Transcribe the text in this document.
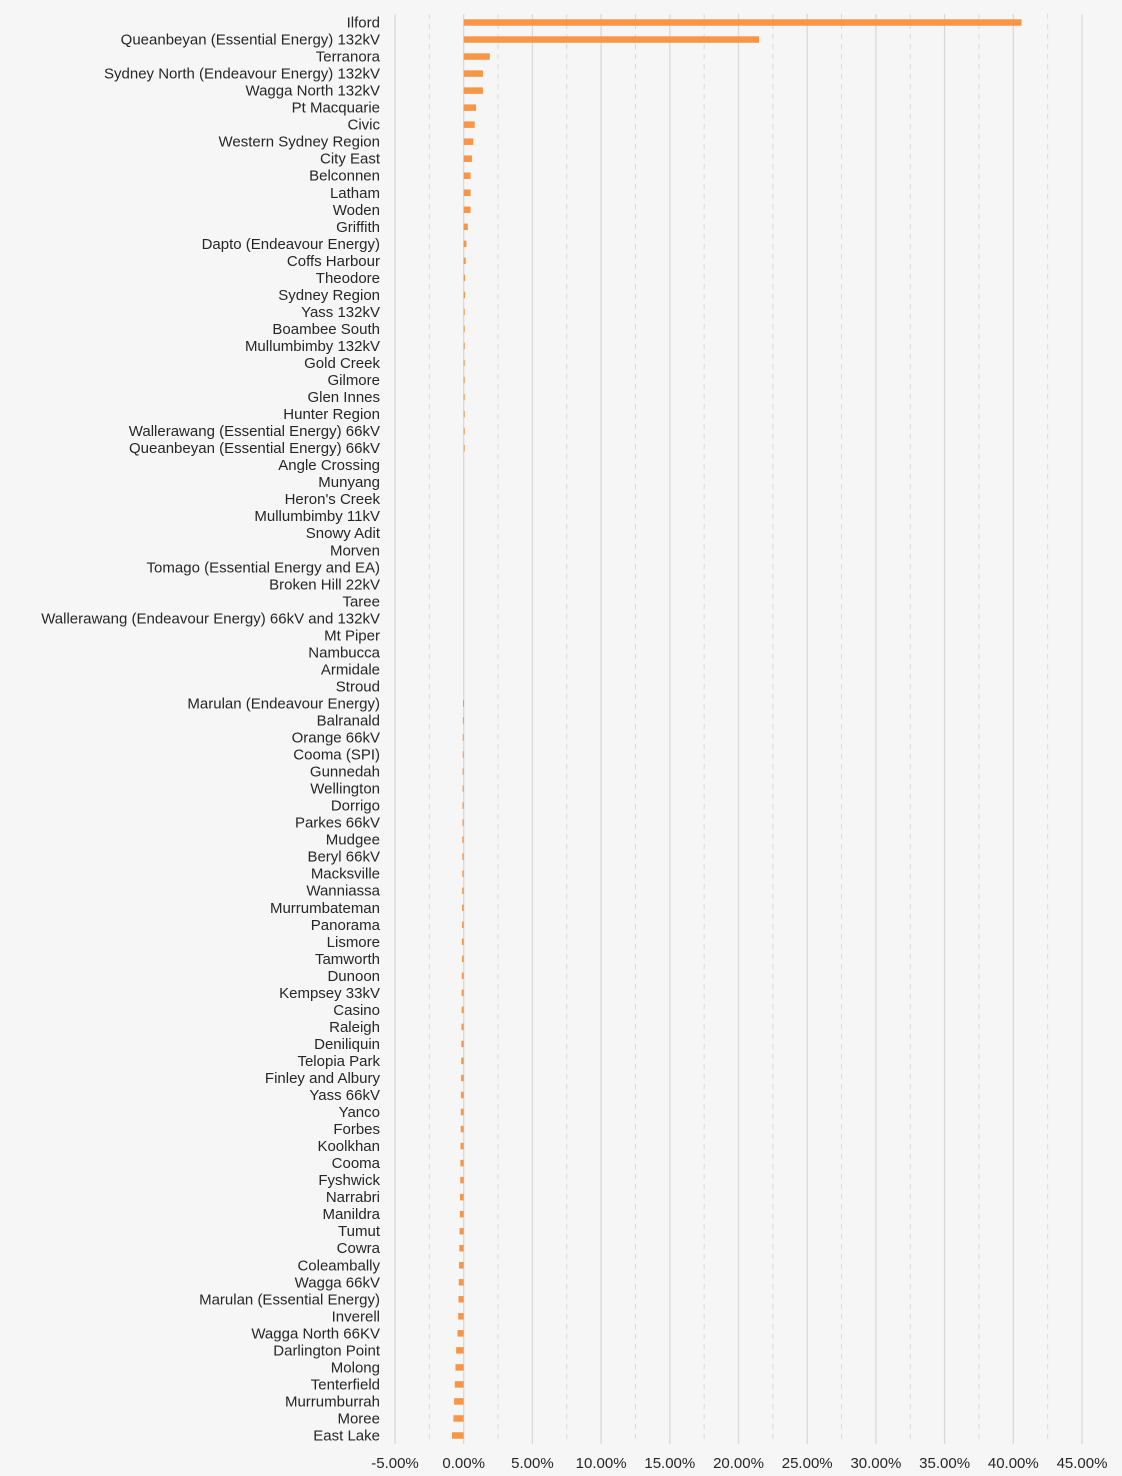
Ilford
Queanbeyan (Essential Energy) 132kV
Terranora
Sydney North (Endeavour Energy) 132kV
Wagga North 132kV
Pt Macquarie
Civic
Western Sydney Region
City East
Belconnen
Latham
Woden
Griffith
Dapto (Endeavour Energy)
Coffs Harbour
Theodore
Sydney Region
Yass 132kV
Boambee South
Mullumbimby 132kV
Gold Creek
Gilmore
Glen Innes
Hunter Region
Wallerawang (Essential Energy) 66kV
Queanbeyan (Essential Energy) 66kV
Angle Crossing
Munyang
Heron's Creek
Mullumbimby 11kV
Snowy Adit
Morven
Tomago (Essential Energy and EA)
Broken Hill 22kV
Taree
Wallerawang (Endeavour Energy) 66kV and 132kV
Mt Piper
Nambucca
Armidale
Stroud
Marulan (Endeavour Energy)
Balranald
Orange 66kV
Cooma (SPI)
Gunnedah
Wellington
Dorrigo
Parkes 66kV
Mudgee
Beryl 66kV
Macksville
Wanniassa
Murrumbateman
Panorama
Lismore
Tamworth
Dunoon
Kempsey 33kV
Casino
Raleigh
Deniliquin
Telopia Park
Finley and Albury
Yass 66kV
Yanco
Forbes
Koolkhan
Cooma
Fyshwick
Narrabri
Manildra
Tumut
Cowra
Coleambally
Wagga 66kV
Marulan (Essential Energy)
Inverell
Wagga North 66KV
Darlington Point
Molong
Tenterfield
Murrumburrah
Moree
East Lake
-5.00% 0.00% 5.00% 10.00% 15.00% 20.00% 25.00% 30.00% 35.00% 40.00% 45.00%
